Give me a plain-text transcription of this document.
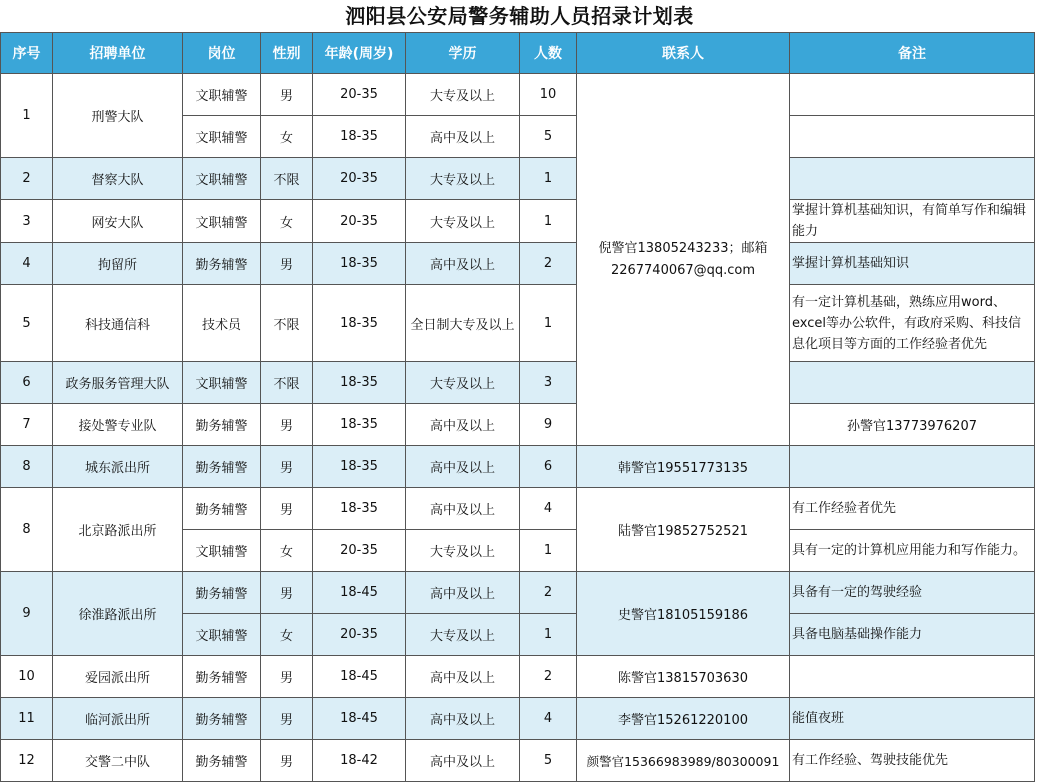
泗阳县公安局警务辅助人员招录计划表
序号	招聘单位	岗位	性别	年龄(周岁)	学历	人数	联系人	备注	
1	刑警大队	文职辅警	男	20-35	大专及以上	10	倪警官13805243233；邮箱2267740067@qq.com		
		文职辅警	女	18-35	高中及以上	5			
2	督察大队	文职辅警	不限	20-35	大专及以上	1			
3	网安大队	文职辅警	女	20-35	大专及以上	1		掌握计算机基础知识，有简单写作和编辑能力	
4	拘留所	勤务辅警	男	18-35	高中及以上	2		掌握计算机基础知识	
5	科技通信科	技术员	不限	18-35	全日制大专及以上	1		有一定计算机基础，熟练应用word、excel等办公软件，有政府采购、科技信息化项目等方面的工作经验者优先	
6	政务服务管理大队	文职辅警	不限	18-35	大专及以上	3			
7	接处警专业队	勤务辅警	男	18-35	高中及以上	9		孙警官13773976207	
8	城东派出所	勤务辅警	男	18-35	高中及以上	6	韩警官19551773135		
8	北京路派出所	勤务辅警	男	18-35	高中及以上	4	陆警官19852752521	有工作经验者优先	
		文职辅警	女	20-35	大专及以上	1		具有一定的计算机应用能力和写作能力。	
9	徐淮路派出所	勤务辅警	男	18-45	高中及以上	2	史警官18105159186	具备有一定的驾驶经验	
		文职辅警	女	20-35	大专及以上	1		具备电脑基础操作能力	
10	爱园派出所	勤务辅警	男	18-45	高中及以上	2	陈警官13815703630		
11	临河派出所	勤务辅警	男	18-45	高中及以上	4	李警官15261220100	能值夜班	
12	交警二中队	勤务辅警	男	18-42	高中及以上	5	颜警官15366983989/80300091	有工作经验、驾驶技能优先	
